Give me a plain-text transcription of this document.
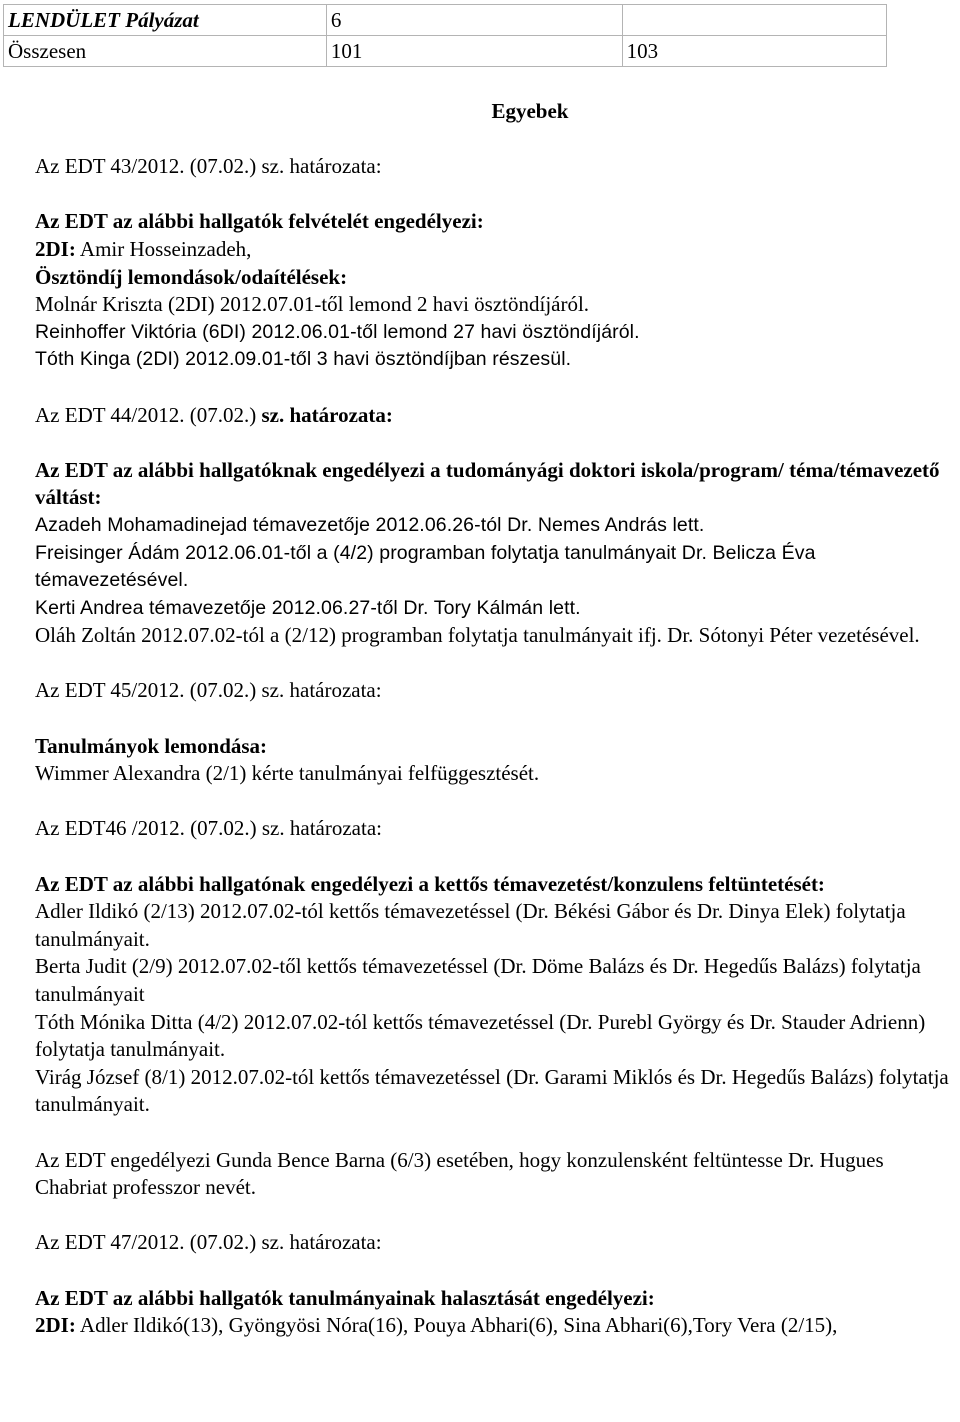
LENDÜLET Pályázat	6	
Összesen	101	103

Egyebek

Az EDT 43/2012. (07.02.) sz. határozata:

Az EDT az alábbi hallgatók felvételét engedélyezi:

2DI: Amir Hosseinzadeh,

Ösztöndíj lemondások/odaítélések:

Molnár Kriszta (2DI) 2012.07.01-től lemond 2 havi ösztöndíjáról.

Reinhoffer Viktória (6DI) 2012.06.01-től lemond 27 havi ösztöndíjáról.

Tóth Kinga (2DI) 2012.09.01-től 3 havi ösztöndíjban részesül.

Az EDT 44/2012. (07.02.) sz. határozata:

Az EDT az alábbi hallgatóknak engedélyezi a tudományági doktori iskola/program/ téma/témavezető váltást:

Azadeh Mohamadinejad témavezetője 2012.06.26-tól Dr. Nemes András lett.

Freisinger Ádám 2012.06.01-től a (4/2) programban folytatja tanulmányait Dr. Belicza Éva témavezetésével.

Kerti Andrea témavezetője 2012.06.27-től Dr. Tory Kálmán lett.

Oláh Zoltán 2012.07.02-tól a (2/12) programban folytatja tanulmányait ifj. Dr. Sótonyi Péter vezetésével.

Az EDT 45/2012. (07.02.) sz. határozata:

Tanulmányok lemondása:

Wimmer Alexandra (2/1) kérte tanulmányai felfüggesztését.

Az EDT46 /2012. (07.02.) sz. határozata:

Az EDT az alábbi hallgatónak engedélyezi a kettős témavezetést/konzulens feltüntetését:

Adler Ildikó (2/13) 2012.07.02-tól kettős témavezetéssel (Dr. Békési Gábor és Dr. Dinya Elek) folytatja tanulmányait.

Berta Judit (2/9) 2012.07.02-től kettős témavezetéssel (Dr. Döme Balázs és Dr. Hegedűs Balázs) folytatja tanulmányait

Tóth Mónika Ditta (4/2) 2012.07.02-tól kettős témavezetéssel (Dr. Purebl György és Dr. Stauder Adrienn) folytatja tanulmányait.

Virág József (8/1) 2012.07.02-tól kettős témavezetéssel (Dr. Garami Miklós és Dr. Hegedűs Balázs) folytatja tanulmányait.

Az EDT engedélyezi Gunda Bence Barna (6/3) esetében, hogy konzulensként feltüntesse Dr. Hugues Chabriat professzor nevét.

Az EDT 47/2012. (07.02.) sz. határozata:

Az EDT az alábbi hallgatók tanulmányainak halasztását engedélyezi:

2DI: Adler Ildikó(13), Gyöngyösi Nóra(16), Pouya Abhari(6), Sina Abhari(6),Tory Vera (2/15),
